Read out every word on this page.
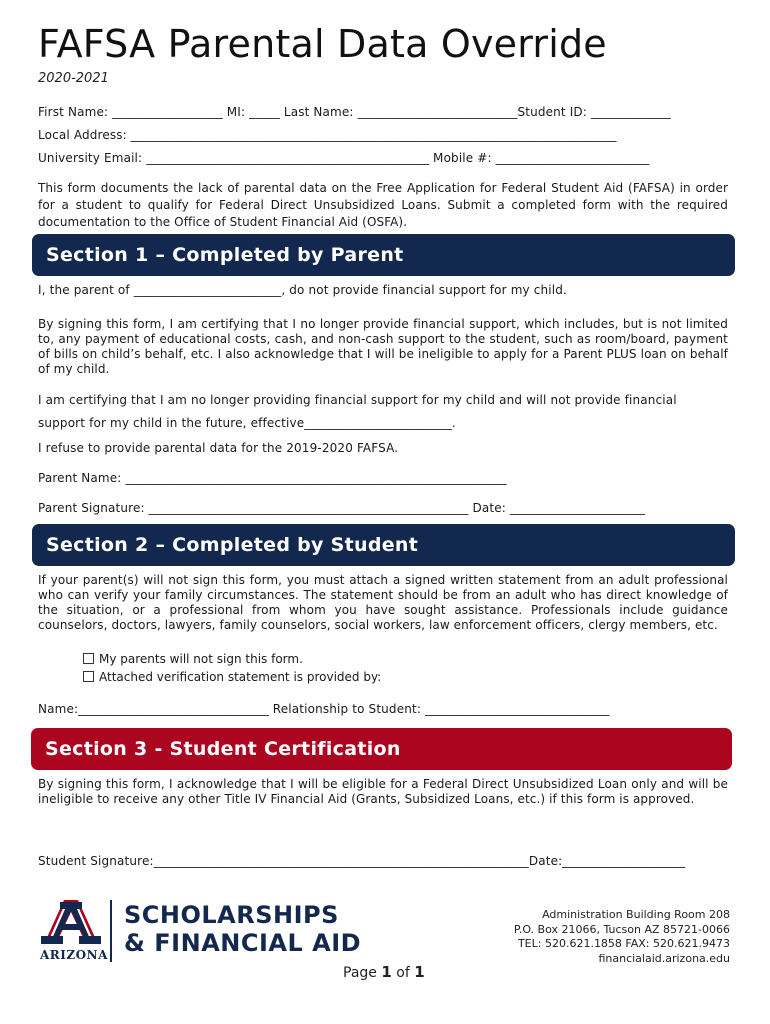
FAFSA Parental Data Override
2020-2021
First Name: __________________ MI: _____ Last Name: __________________________Student ID: _____________
Local Address: _______________________________________________________________________________
University Email: ______________________________________________ Mobile #: _________________________
This form documents the lack of parental data on the Free Application for Federal Student Aid (FAFSA) in order for a student to qualify for Federal Direct Unsubsidized Loans. Submit a completed form with the required documentation to the Office of Student Financial Aid (OSFA).
Section 1 – Completed by Parent
I, the parent of ________________________, do not provide financial support for my child.
By signing this form, I am certifying that I no longer provide financial support, which includes, but is not limited to, any payment of educational costs, cash, and non-cash support to the student, such as room/board, payment of bills on child’s behalf, etc. I also acknowledge that I will be ineligible to apply for a Parent PLUS loan on behalf of my child.
I am certifying that I am no longer providing financial support for my child and will not provide financial
support for my child in the future, effective________________________.
I refuse to provide parental data for the 2019-2020 FAFSA.
Parent Name: ______________________________________________________________
Parent Signature: ____________________________________________________ Date: ______________________
Section 2 – Completed by Student
If your parent(s) will not sign this form, you must attach a signed written statement from an adult professional who can verify your family circumstances. The statement should be from an adult who has direct knowledge of the situation, or a professional from whom you have sought assistance. Professionals include guidance counselors, doctors, lawyers, family counselors, social workers, law enforcement officers, clergy members, etc.
My parents will not sign this form.
Attached verification statement is provided by:
Name:_______________________________ Relationship to Student: ______________________________
Section 3 - Student Certification
By signing this form, I acknowledge that I will be eligible for a Federal Direct Unsubsidized Loan only and will be ineligible to receive any other Title IV Financial Aid (Grants, Subsidized Loans, etc.) if this form is approved.
Student Signature:_____________________________________________________________Date:____________________
ARIZONA
SCHOLARSHIPS
& FINANCIAL AID
Administration Building Room 208
P.O. Box 21066, Tucson AZ 85721-0066
TEL: 520.621.1858 FAX: 520.621.9473
financialaid.arizona.edu
Page 1 of 1
